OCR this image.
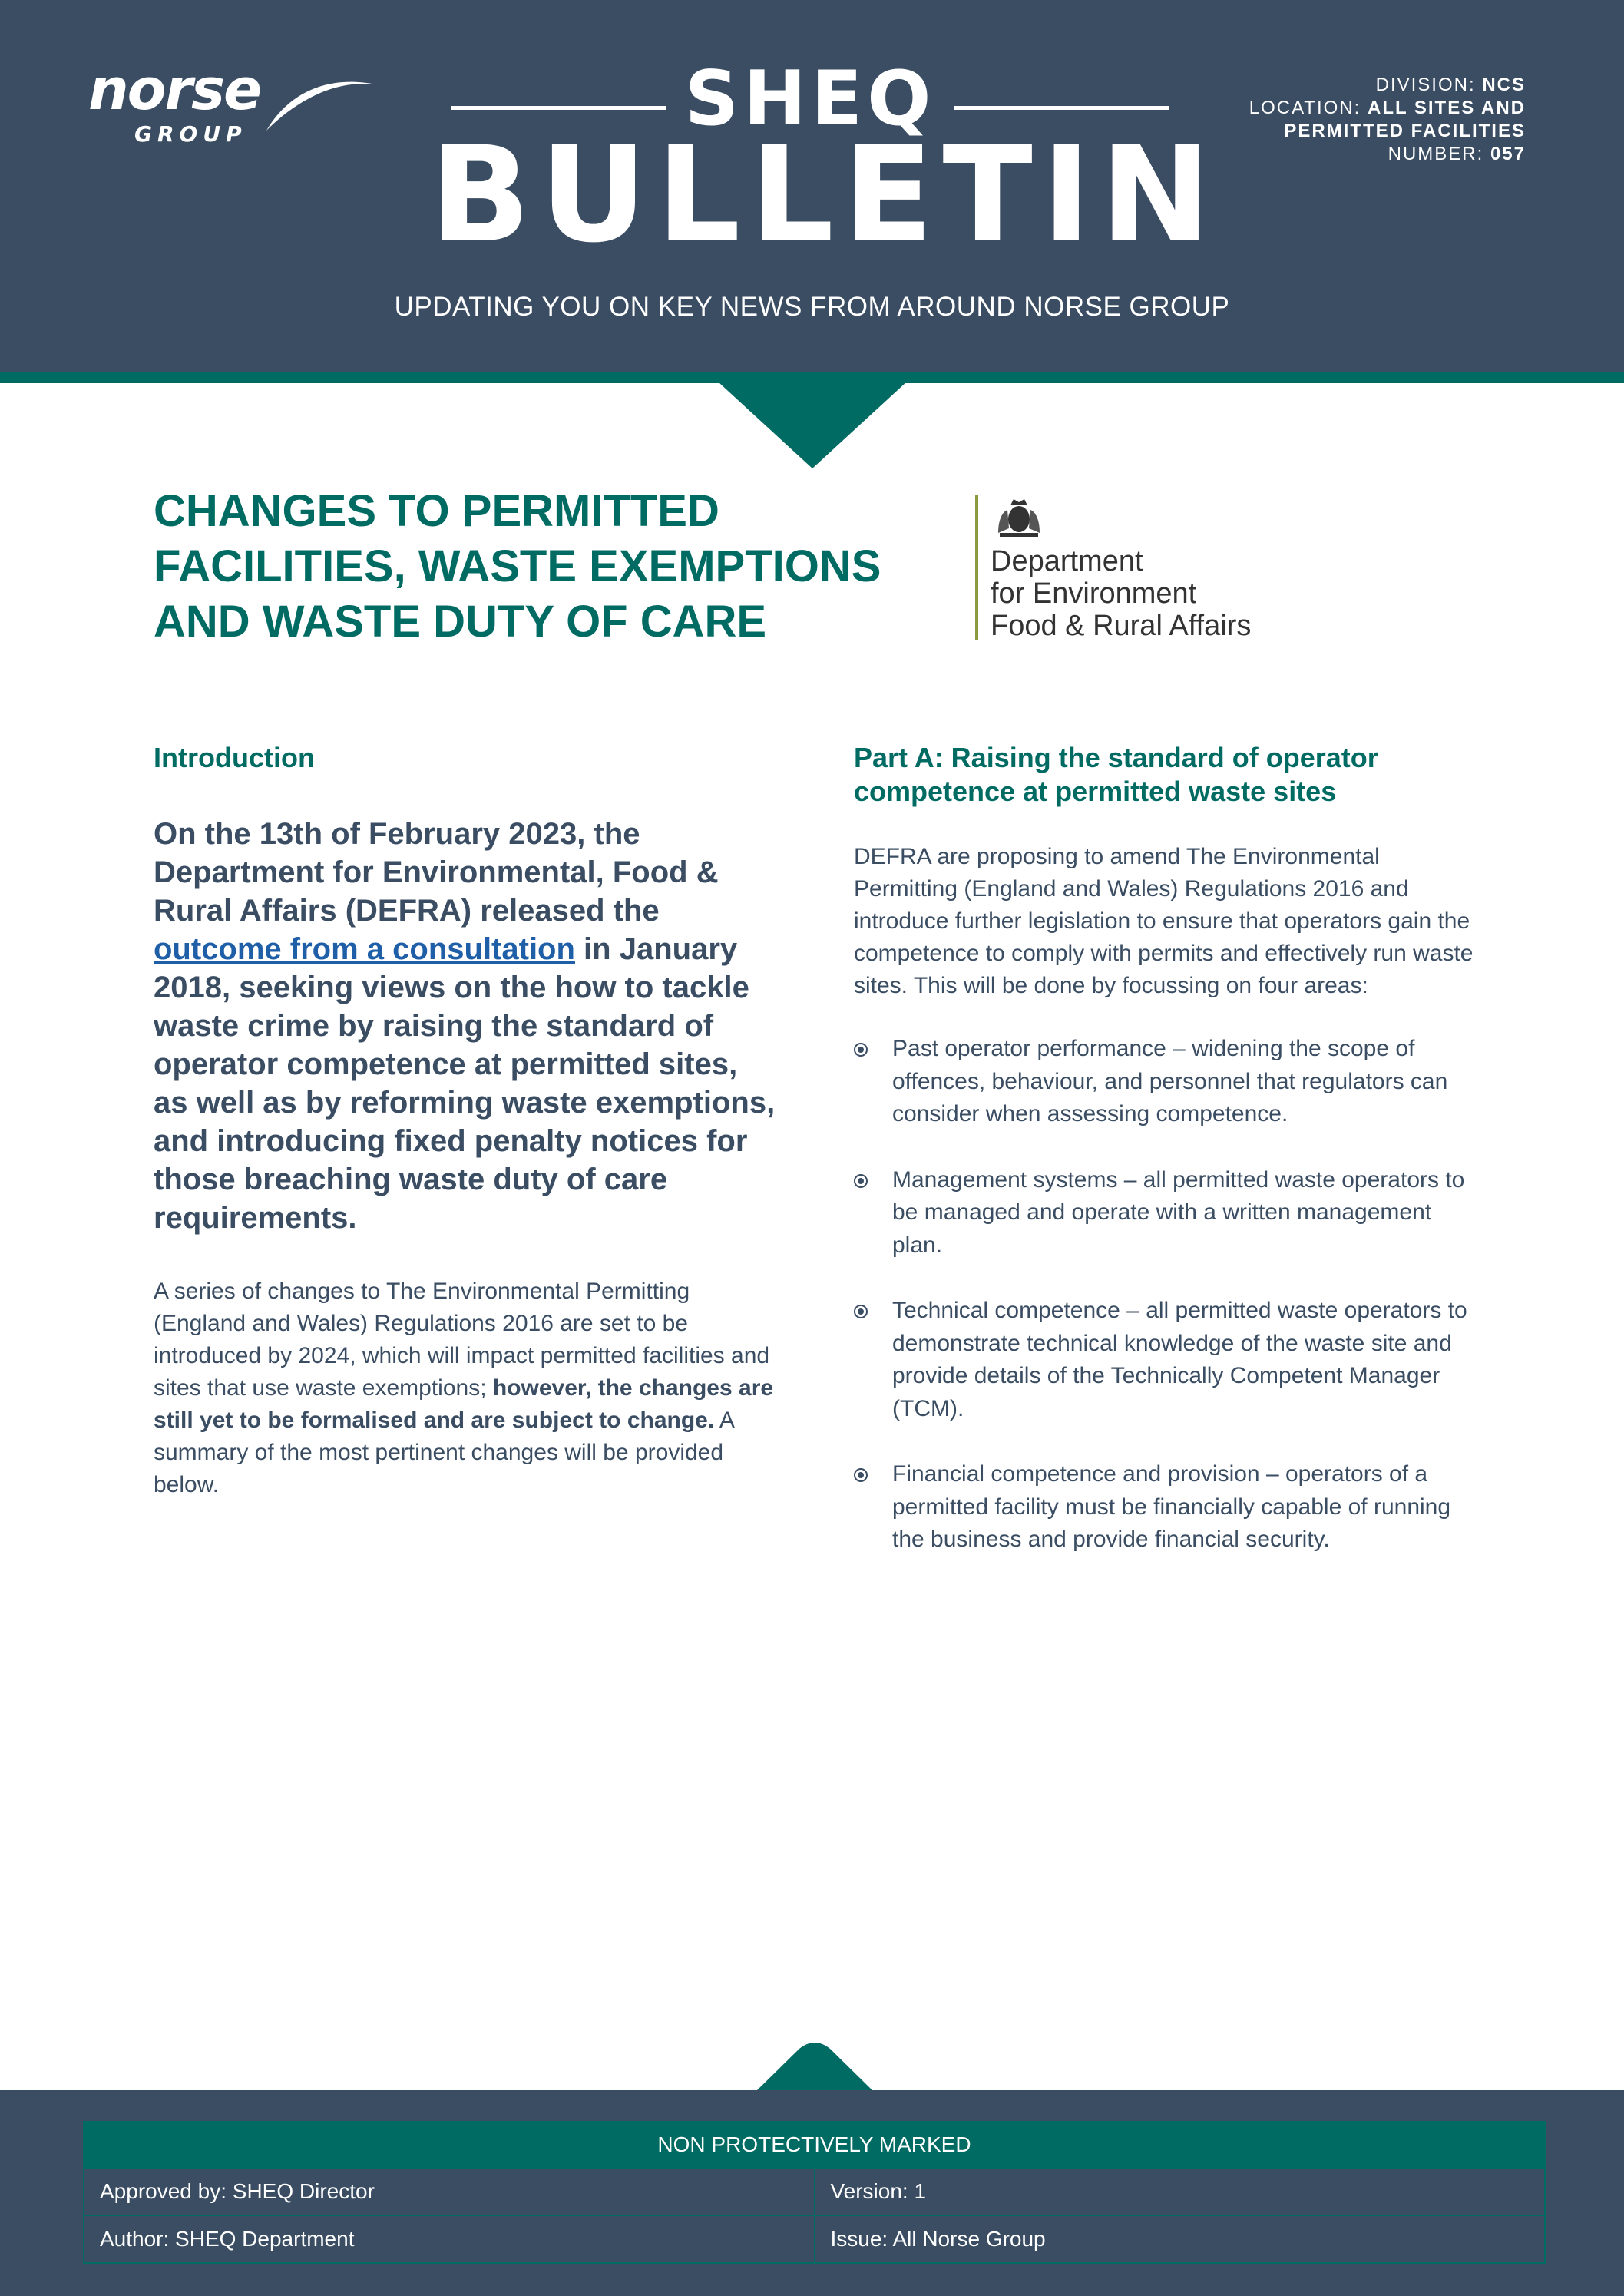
norse
GROUP	SHEQ
BULLETIN
UPDATING YOU ON KEY NEWS FROM AROUND NORSE GROUP
DIVISION: NCS
LOCATION: ALL SITES AND
PERMITTED FACILITIES
NUMBER: 057
CHANGES TO PERMITTED
FACILITIES, WASTE EXEMPTIONS
AND WASTE DUTY OF CARE
Department
for Environment
Food & Rural Affairs
Introduction

On the 13th of February 2023, the Department for Environmental, Food & Rural Affairs (DEFRA) released the outcome from a consultation in January 2018, seeking views on the how to tackle waste crime by raising the standard of operator competence at permitted sites, as well as by reforming waste exemptions, and introducing fixed penalty notices for those breaching waste duty of care requirements.

A series of changes to The Environmental Permitting (England and Wales) Regulations 2016 are set to be introduced by 2024, which will impact permitted facilities and sites that use waste exemptions; however, the changes are still yet to be formalised and are subject to change. A summary of the most pertinent changes will be provided below.

Part A: Raising the standard of operator competence at permitted waste sites

DEFRA are proposing to amend The Environmental Permitting (England and Wales) Regulations 2016 and introduce further legislation to ensure that operators gain the competence to comply with permits and effectively run waste sites. This will be done by focussing on four areas:

Past operator performance – widening the scope of offences, behaviour, and personnel that regulators can consider when assessing competence.
Management systems – all permitted waste operators to be managed and operate with a written management plan.
Technical competence – all permitted waste operators to demonstrate technical knowledge of the waste site and provide details of the Technically Competent Manager (TCM).
Financial competence and provision – operators of a permitted facility must be financially capable of running the business and provide financial security.
NON PROTECTIVELY MARKED	
Approved by: SHEQ Director	Version: 1
Author: SHEQ Department	Issue: All Norse Group
